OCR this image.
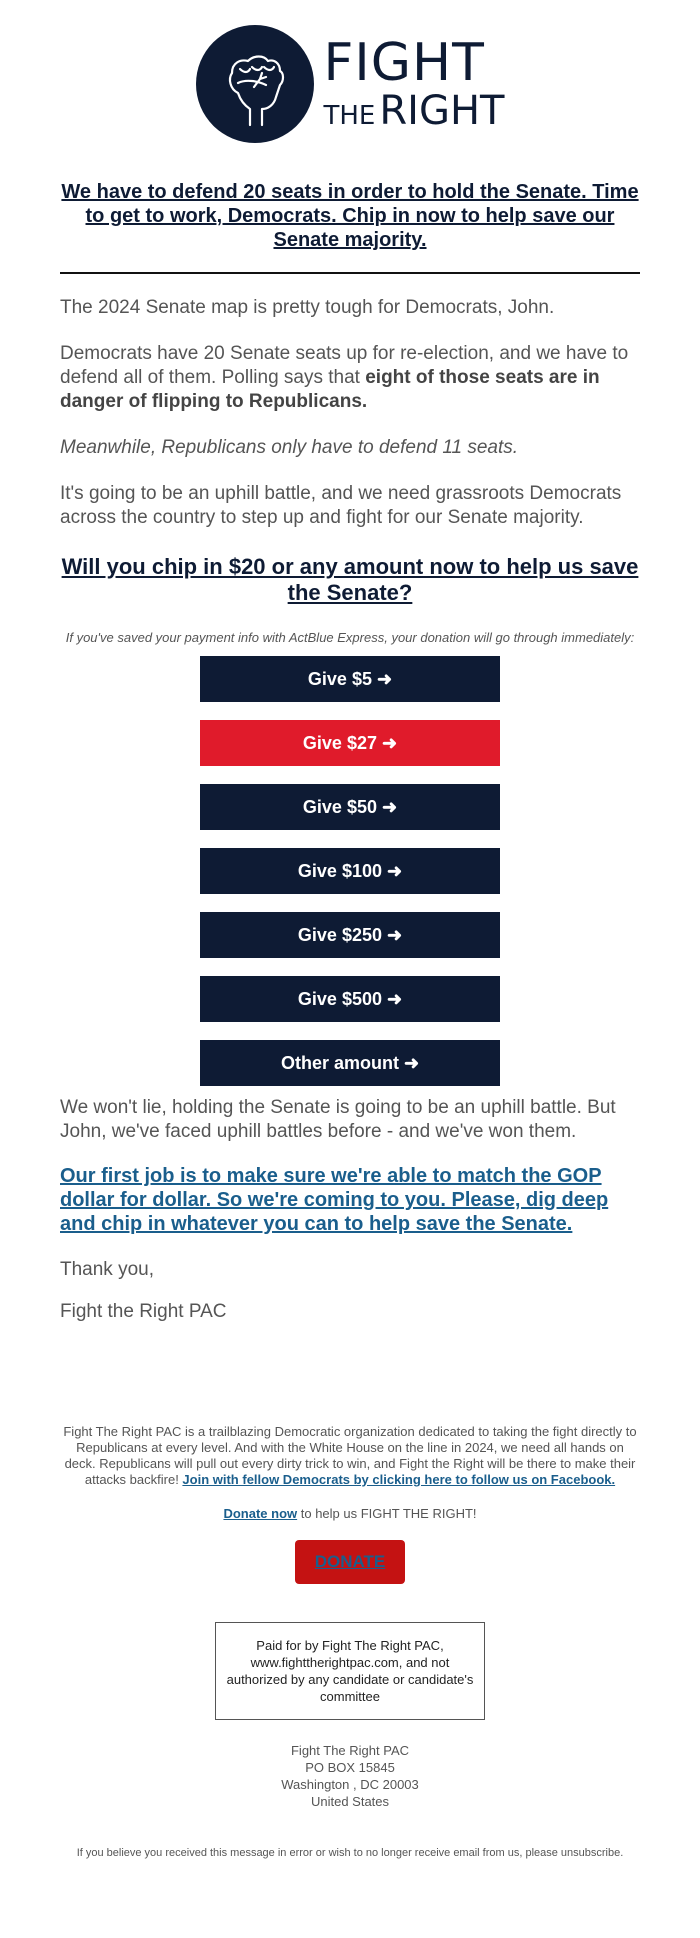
FIGHT
THE RIGHT
We have to defend 20 seats in order to hold the Senate. Time to get to work, Democrats. Chip in now to help save our Senate majority.

The 2024 Senate map is pretty tough for Democrats, John.

Democrats have 20 Senate seats up for re-election, and we have to defend all of them. Polling says that eight of those seats are in danger of flipping to Republicans.

Meanwhile, Republicans only have to defend 11 seats.

It's going to be an uphill battle, and we need grassroots Democrats across the country to step up and fight for our Senate majority.

Will you chip in $20 or any amount now to help us save the Senate?

If you've saved your payment info with ActBlue Express, your donation will go through immediately:

Give $5 ➜
Give $27 ➜
Give $50 ➜
Give $100 ➜
Give $250 ➜
Give $500 ➜
Other amount ➜

We won't lie, holding the Senate is going to be an uphill battle. But John, we've faced uphill battles before - and we've won them.

Our first job is to make sure we're able to match the GOP dollar for dollar. So we're coming to you. Please, dig deep and chip in whatever you can to help save the Senate.

Thank you,

Fight the Right PAC

Fight The Right PAC is a trailblazing Democratic organization dedicated to taking the fight directly to Republicans at every level. And with the White House on the line in 2024, we need all hands on deck. Republicans will pull out every dirty trick to win, and Fight the Right will be there to make their attacks backfire! Join with fellow Democrats by clicking here to follow us on Facebook.
Donate now to help us FIGHT THE RIGHT!
DONATE
Paid for by Fight The Right PAC, www.fighttherightpac.com, and not authorized by any candidate or candidate's committee
Fight The Right PAC
PO BOX 15845
Washington , DC 20003
United States
If you believe you received this message in error or wish to no longer receive email from us, please unsubscribe.
